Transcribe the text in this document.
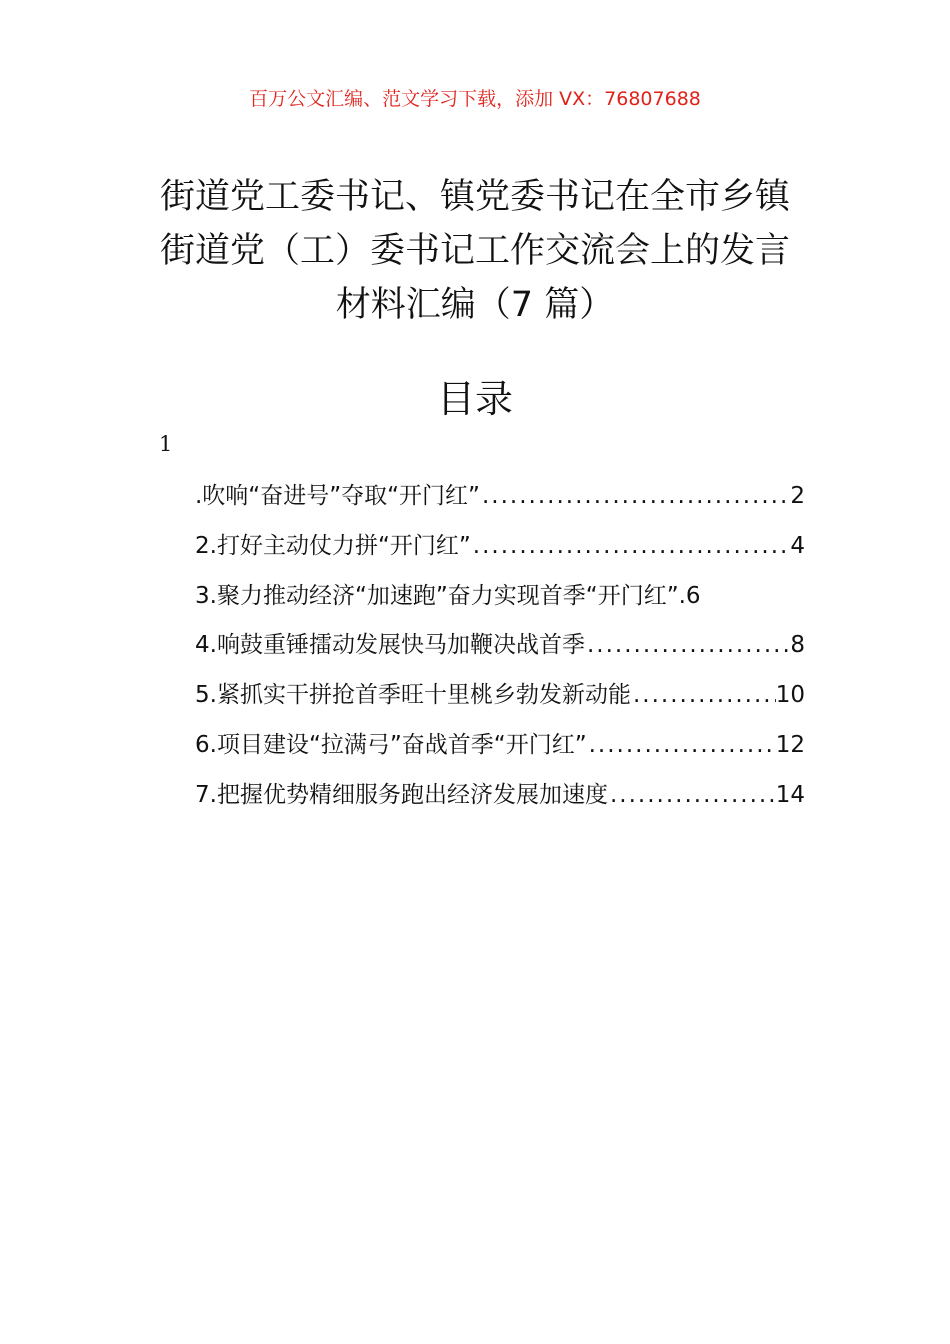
百万公文汇编、范文学习下载，添加 VX：76807688
街道党工委书记、镇党委书记在全市乡镇
街道党（工）委书记工作交流会上的发言
材料汇编（7 篇）
目录
1
.吹响“奋进号”夺取“开门红” .....	2
2.打好主动仗力拼“开门红” .....	4
3.聚力推动经济“加速跑”奋力实现首季“开门红” .6
4.响鼓重锤擂动发展快马加鞭决战首季 .....	8
5.紧抓实干拼抢首季旺十里桃乡勃发新动能 .....	10
6.项目建设“拉满弓”奋战首季“开门红” .....	12
7.把握优势精细服务跑出经济发展加速度 .....	14
